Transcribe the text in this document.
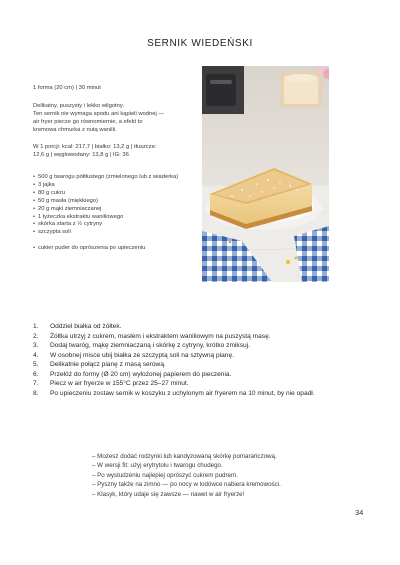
SERNIK WIEDEŃSKI
1 forma (20 cm) | 30 minut

Delikatny, puszysty i lekko wilgotny.

Ten sernik nie wymaga spodu ani kąpieli wodnej —

air fryer piecze go równomiernie, a efekt to

kremowa chmurka z nutą wanilii.

W 1 porcji: kcal: 217,7 | białko: 13,2 g | tłuszcze:

12,6 g | węglowodany: 13,8 g | IG: 36

• 500 g twarogu półtłustego (zmielonego lub z wiaderka)
• 3 jajka
• 80 g cukru
• 50 g masła (miękkiego)
• 20 g mąki ziemniaczanej
• 1 łyżeczka ekstraktu waniliowego
• skórka starta z ½ cytryny
• szczypta soli
• cukier puder do oprószenia po upieczeniu
1.	Oddziel białka od żółtek.
2.	Żółtka utrzyj z cukrem, masłem i ekstraktem waniliowym na puszystą masę.
3.	Dodaj twaróg, mąkę ziemniaczaną i skórkę z cytryny, krótko zmiksuj.
4.	W osobnej misce ubij białka ze szczyptą soli na sztywną pianę.
5.	Delikatnie połącz pianę z masą serową.
6.	Przełóż do formy (Ø 20 cm) wyłożonej papierem do pieczenia.
7.	Piecz w air fryerze w 155°C przez 25–27 minut.
8.	Po upieczeniu zostaw sernik w koszyku z uchylonym air fryerem na 10 minut, by nie opadł.
– Możesz dodać rodzynki lub kandyzowaną skórkę pomarańczową.
– W wersji fit: użyj erytrytolu i twarogu chudego.
– Po wystudzeniu najlepiej oprószyć cukrem pudrem.
– Pyszny także na zimno — po nocy w lodówce nabiera kremowości.
– Klasyk, który udaje się zawsze — nawet w air fryerze!
34
